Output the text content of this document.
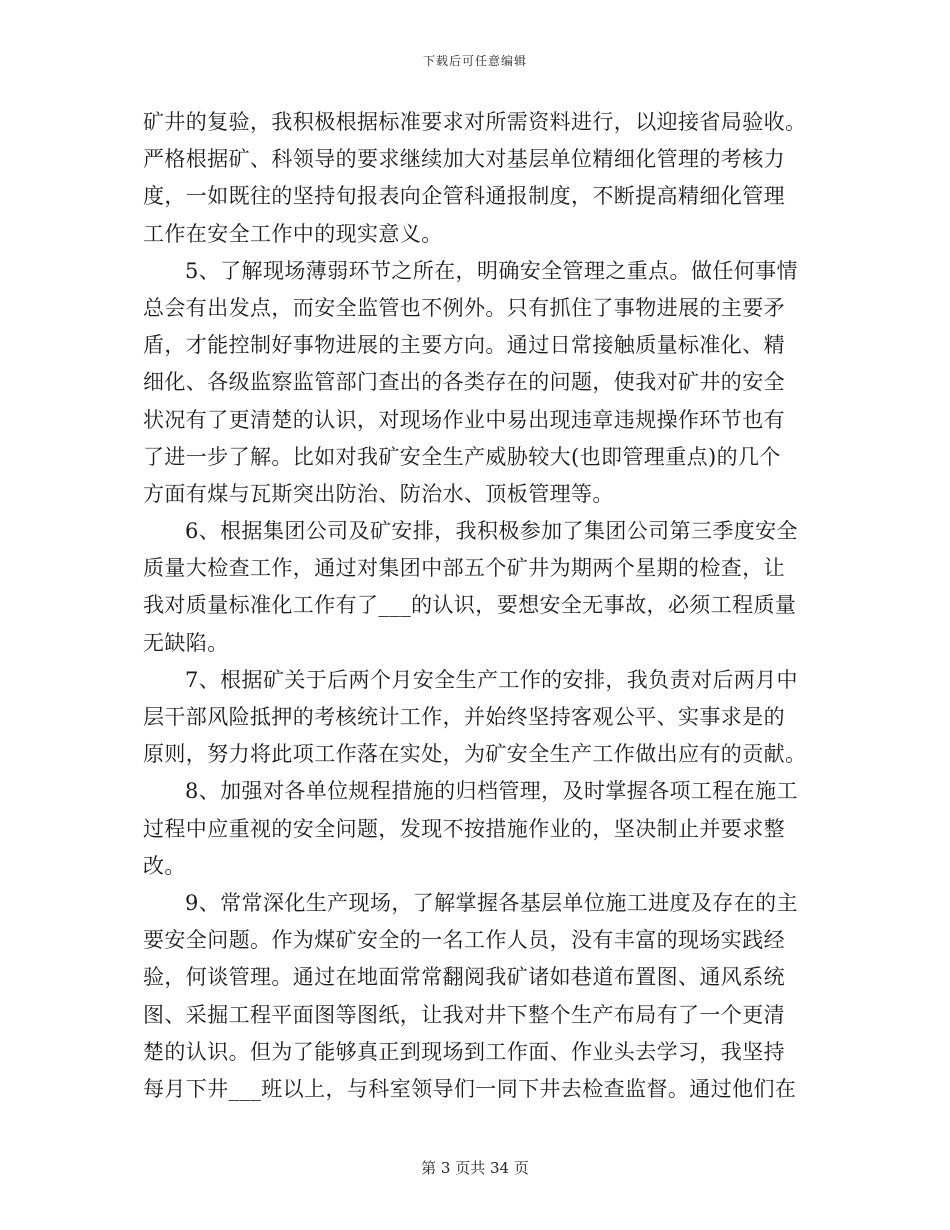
下载后可任意编辑

矿井的复验，我积极根据标准要求对所需资料进行，以迎接省局验收。
严格根据矿、科领导的要求继续加大对基层单位精细化管理的考核力
度，一如既往的坚持旬报表向企管科通报制度，不断提高精细化管理
工作在安全工作中的现实意义。

5、了解现场薄弱环节之所在，明确安全管理之重点。做任何事情
总会有出发点，而安全监管也不例外。只有抓住了事物进展的主要矛
盾，才能控制好事物进展的主要方向。通过日常接触质量标准化、精
细化、各级监察监管部门查出的各类存在的问题，使我对矿井的安全
状况有了更清楚的认识，对现场作业中易出现违章违规操作环节也有
了进一步了解。比如对我矿安全生产威胁较大(也即管理重点)的几个
方面有煤与瓦斯突出防治、防治水、顶板管理等。

6、根据集团公司及矿安排，我积极参加了集团公司第三季度安全
质量大检查工作，通过对集团中部五个矿井为期两个星期的检查，让
我对质量标准化工作有了___的认识，要想安全无事故，必须工程质量
无缺陷。

7、根据矿关于后两个月安全生产工作的安排，我负责对后两月中
层干部风险抵押的考核统计工作，并始终坚持客观公平、实事求是的
原则，努力将此项工作落在实处，为矿安全生产工作做出应有的贡献。

8、加强对各单位规程措施的归档管理，及时掌握各项工程在施工
过程中应重视的安全问题，发现不按措施作业的，坚决制止并要求整
改。

9、常常深化生产现场，了解掌握各基层单位施工进度及存在的主
要安全问题。作为煤矿安全的一名工作人员，没有丰富的现场实践经
验，何谈管理。通过在地面常常翻阅我矿诸如巷道布置图、通风系统
图、采掘工程平面图等图纸，让我对井下整个生产布局有了一个更清
楚的认识。但为了能够真正到现场到工作面、作业头去学习，我坚持
每月下井___班以上，与科室领导们一同下井去检查监督。通过他们在

第 3 页共 34 页
